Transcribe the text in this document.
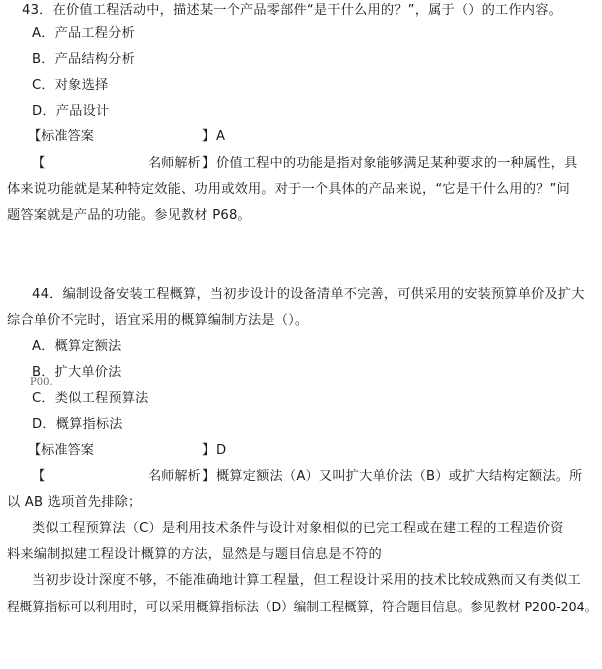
43．在价值工程活动中，描述某一个产品零部件“是干什么用的？”，属于（）的工作内容。
A．产品工程分析
B．产品结构分析
C．对象选择
D．产品设计
【标准答案	】 A
【	名师解析 】 价值工程中的功能是指对象能够满足某种要求的一种属性，具
体来说功能就是某种特定效能、功用或效用。对于一个具体的产品来说，“它是干什么用的？”问
题答案就是产品的功能。参见教材 P68。
44．编制设备安装工程概算，当初步设计的设备清单不完善，可供采用的安装预算单价及扩大
综合单价不完时，语宜采用的概算编制方法是（）。
A．概算定额法
B．扩大单价法
P00.
C．类似工程预算法
D．概算指标法
【标准答案	】 D
【	名师解析 】 概算定额法（A）又叫扩大单价法（B）或扩大结构定额法。所
以 AB 选项首先排除；
类似工程预算法（C）是利用技术条件与设计对象相似的已完工程或在建工程的工程造价资
料来编制拟建工程设计概算的方法，显然是与题目信息是不符的
当初步设计深度不够，不能准确地计算工程量，但工程设计采用的技术比较成熟而又有类似工
程概算指标可以利用时，可以采用概算指标法（D）编制工程概算，符合题目信息。参见教材 P200-204。
